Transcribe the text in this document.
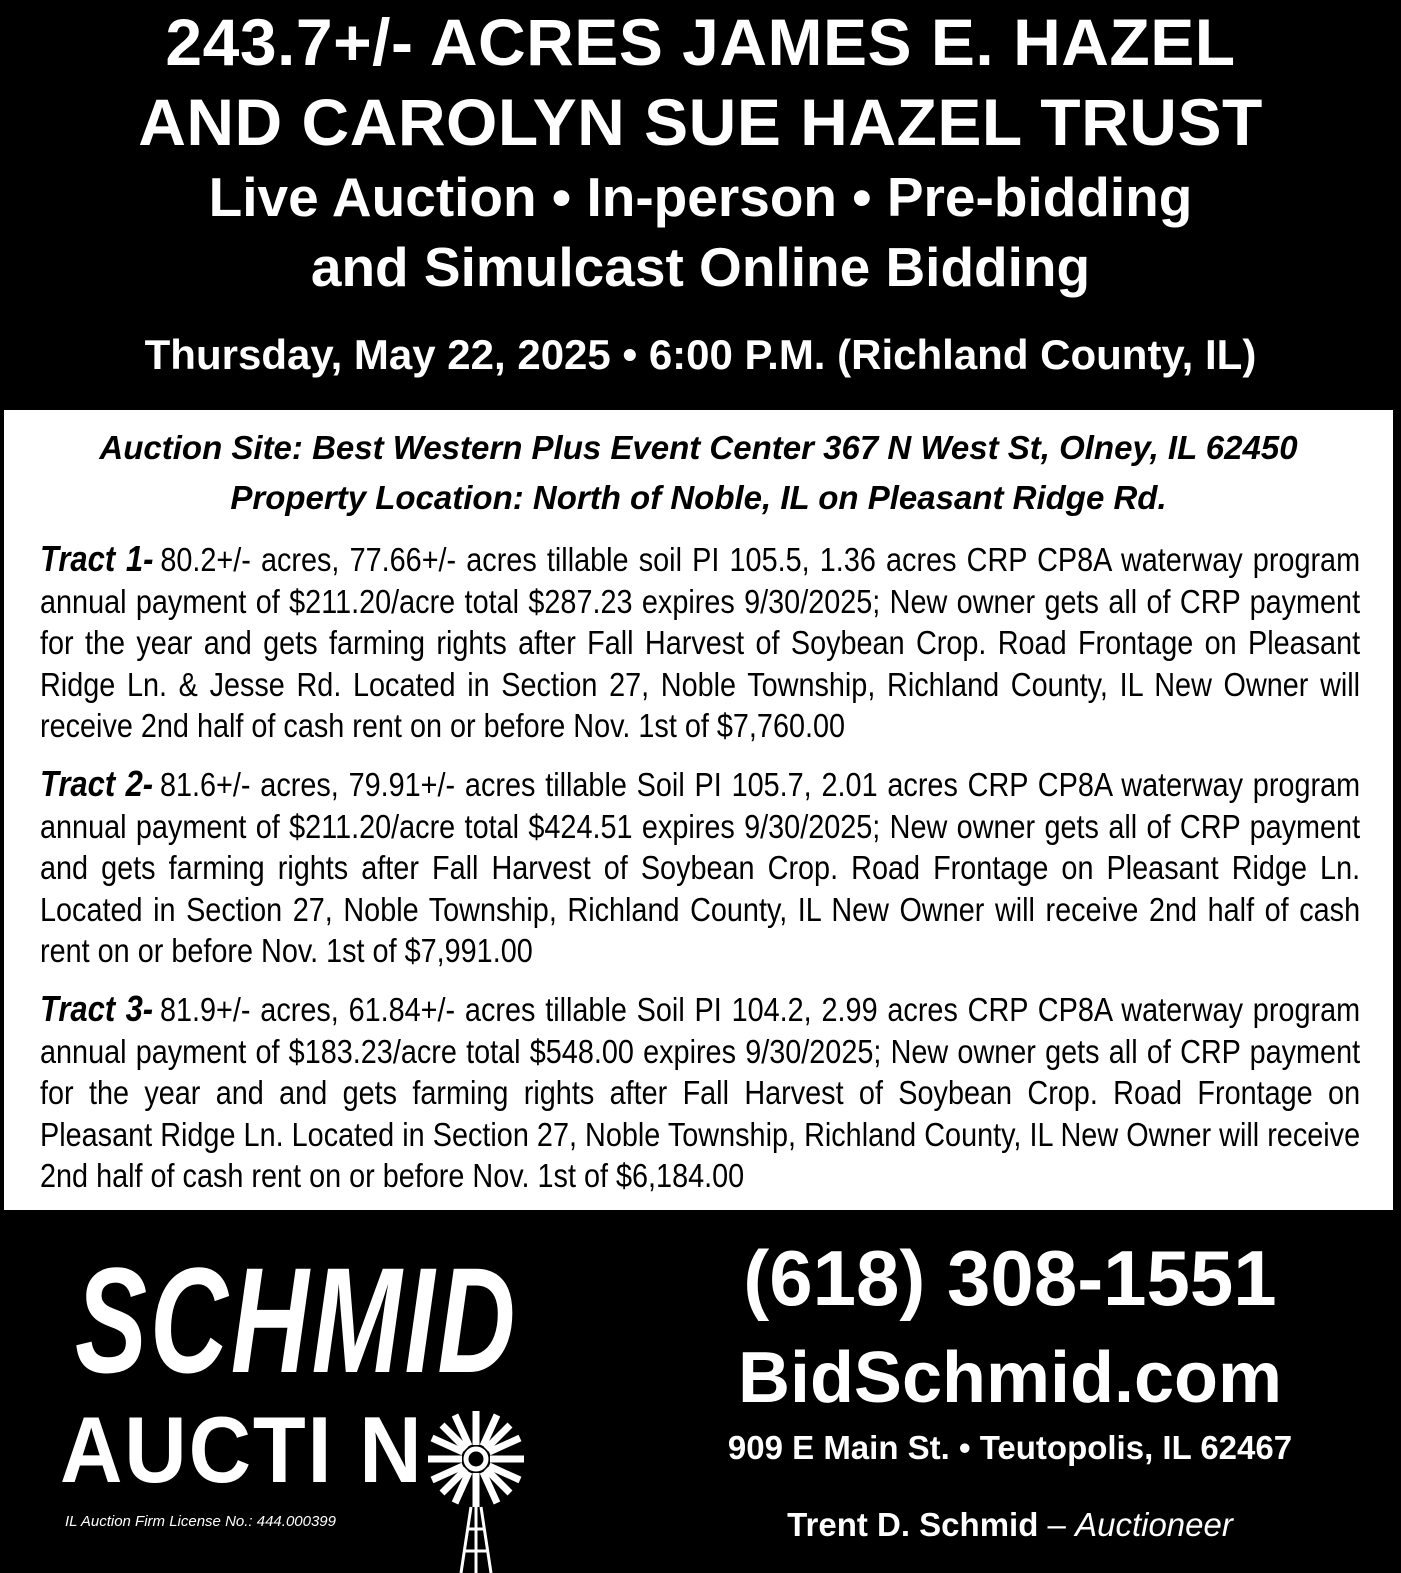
243.7+/- ACRES JAMES E. HAZEL
AND CAROLYN SUE HAZEL TRUST
Live Auction • In-person • Pre-bidding
and Simulcast Online Bidding
Thursday, May 22, 2025 • 6:00 P.M. (Richland County, IL)
Auction Site: Best Western Plus Event Center 367 N West St, Olney, IL 62450
Property Location: North of Noble, IL on Pleasant Ridge Rd.
Tract 1- 80.2+/- acres, 77.66+/- acres tillable soil PI 105.5, 1.36 acres CRP CP8A waterway program annual payment of $211.20/acre total $287.23 expires 9/30/2025; New owner gets all of CRP payment for the year and gets farming rights after Fall Harvest of Soybean Crop. Road Frontage on Pleasant Ridge Ln. & Jesse Rd. Located in Section 27, Noble Township, Richland County, IL New Owner will receive 2nd half of cash rent on or before Nov. 1st of $7,760.00
Tract 2- 81.6+/- acres, 79.91+/- acres tillable Soil PI 105.7, 2.01 acres CRP CP8A waterway program annual payment of $211.20/acre total $424.51 expires 9/30/2025; New owner gets all of CRP payment and gets farming rights after Fall Harvest of Soybean Crop. Road Frontage on Pleasant Ridge Ln. Located in Section 27, Noble Township, Richland County, IL New Owner will receive 2nd half of cash rent on or before Nov. 1st of $7,991.00
Tract 3- 81.9+/- acres, 61.84+/- acres tillable Soil PI 104.2, 2.99 acres CRP CP8A waterway program annual payment of $183.23/acre total $548.00 expires 9/30/2025; New owner gets all of CRP payment for the year and and gets farming rights after Fall Harvest of Soybean Crop. Road Frontage on Pleasant Ridge Ln. Located in Section 27, Noble Township, Richland County, IL New Owner will receive 2nd half of cash rent on or before Nov. 1st of $6,184.00
SCHMID
AUCTI N
IL Auction Firm License No.: 444.000399
(618) 308-1551
BidSchmid.com
909 E Main St. • Teutopolis, IL 62467
Trent D. Schmid – Auctioneer
